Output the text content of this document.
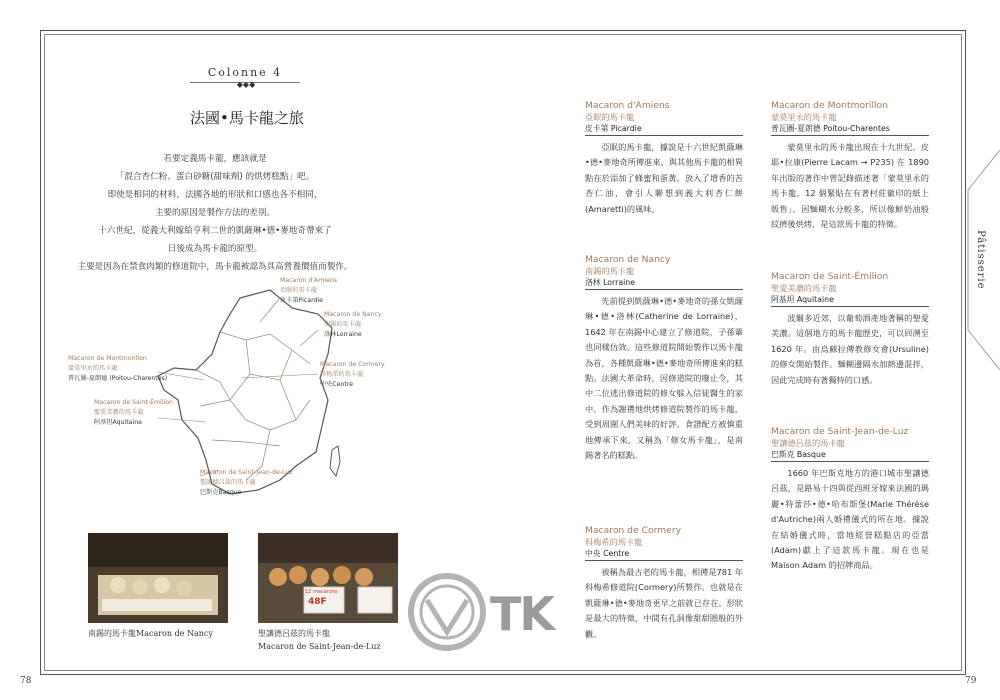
Colonne 4
◆◆◆
法國•馬卡龍之旅
若要定義馬卡龍，應該就是
「混合杏仁粉、蛋白砂糖(甜味劑) 的烘烤糕點」吧。
即使是相同的材料，法國各地的形狀和口感也各不相同，
主要的原因是製作方法的差別。
十六世紀，從義大利嫁給亨利二世的凱薩琳•德•麥地奇帶來了
日後成為馬卡龍的原型。
主要是因為在禁食肉類的修道院中，馬卡龍被認為具高營養價值而製作。
Macaron d'Amiens
亞眠的馬卡龍
皮卡第Picardie
Macaron de Nancy
南錫的馬卡龍
洛林Lorraine
Macaron de Montmorillon
蒙莫里永的馬卡龍
普瓦圖-夏朗德 (Poitou-Charentes)
Macaron de Cormery
科梅希的馬卡龍
中央Centre
Macaron de Saint-Émilion
聖愛美濃的馬卡龍
阿基坦Aquitaine
Macaron de Saint-Jean-de-Luz
聖讓德呂茲的馬卡龍
巴斯克Basque
48F
12 macarons
南錫的馬卡龍Macaron de Nancy	聖讓德呂茲的馬卡龍
Macaron de Saint-Jean-de-Luz
TK
Macaron d'Amiens
亞眠的馬卡龍
皮卡第 Picardie
亞眠的馬卡龍，據說是十六世紀凱薩琳•德•麥地奇所傳進來，與其他馬卡龍的相異點在於添加了蜂蜜和蛋黃。放入了增香的苦杏仁油，會引人聯想到義大利杏仁餅(Amaretti)的風味。
Macaron de Nancy
南錫的馬卡龍
洛林 Lorraine
先前提到凱薩琳•德•麥地奇的孫女凱薩琳•德•洛林(Catherine de Lorraine)，1642 年在南錫中心建立了修道院，子孫輩也同樣仿效。這些修道院開始製作以馬卡龍為首，各種凱薩琳•德•麥地奇所傳進來的糕點。法國大革命時，因修道院的廢止令，其中二位逃出修道院的修女躲入信徒醫生的家中。作為謝禮地烘烤修道院製作的馬卡龍，受到周圍人們美味的好評。食譜配方被慎重地傳承下來，又稱為「修女馬卡龍」，是南錫著名的糕點。
Macaron de Cormery
科梅希的馬卡龍
中央 Centre
被稱為最古老的馬卡龍，相傳是781 年科梅希修道院(Cormery)所製作。也就是在凱薩琳•德•麥地奇更早之前就已存在。形狀是最大的特徵，中間有孔洞像甜甜圈般的外觀。
Macaron de Montmorillon
蒙莫里永的馬卡龍
普瓦圖-夏朗德 Poitou-Charentes
蒙莫里永的馬卡龍出現在十九世紀。皮耶•拉康(Pierre Lacam → P235) 在 1890 年出版的著作中曾記錄描述著「蒙莫里永的馬卡龍，12 個緊貼在有著村莊徽印的紙上販售」。因麵糊水分較多，所以像鮮奶油般紋擠後烘烤，是這款馬卡龍的特徵。
Macaron de Saint-Émilion
聖愛美濃的馬卡龍
阿基坦 Aquitaine
波爾多近郊，以葡萄酒產地著稱的聖愛美濃。這個地方的馬卡龍歷史，可以回溯至 1620 年。由烏蘇拉傳教修女會(Ursuline)的修女開始製作。麵糊邊隔水加熱邊混拌，因此完成時有著獨特的口感。
Macaron de Saint-Jean-de-Luz
聖讓德呂茲的馬卡龍
巴斯克 Basque
1660 年巴斯克地方的港口城市聖讓德呂茲，是路易十四與從西班牙嫁來法國的瑪麗•特蕾莎•德•哈布斯堡(Marie Thérèse d'Autriche)兩人婚禮儀式的所在地。據說在結婚儀式時，當地經營糕點店的亞當(Adam)獻上了這款馬卡龍。現在也是 Maison Adam 的招牌商品。
Pâtisserie
78	79
